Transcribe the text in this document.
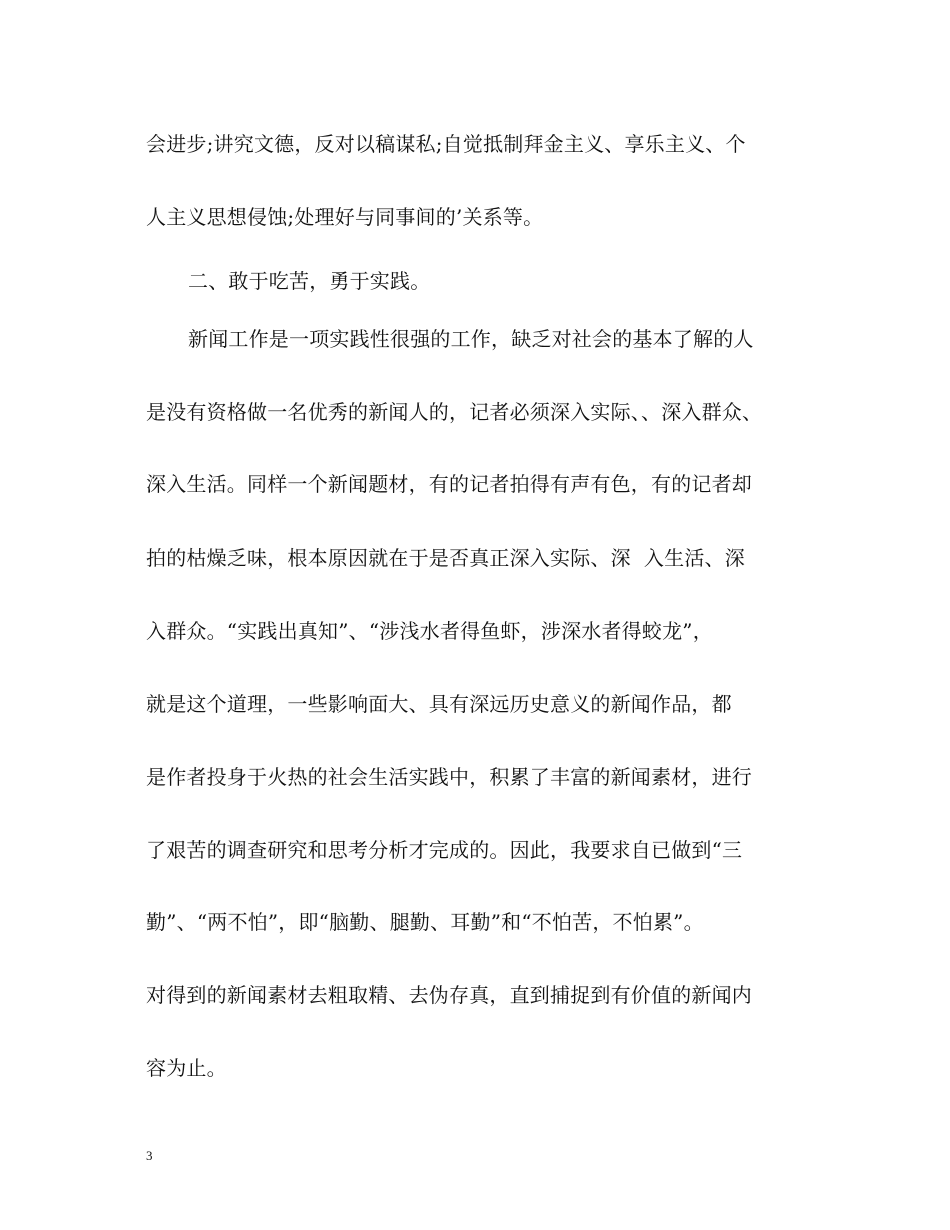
会进步;讲究文德，反对以稿谋私;自觉抵制拜金主义、享乐主义、个
人主义思想侵蚀;处理好与同事间的’关系等。
二、敢于吃苦，勇于实践。
新闻工作是一项实践性很强的工作，缺乏对社会的基本了解的人
是没有资格做一名优秀的新闻人的，记者必须深入实际、、深入群众、
深入生活。同样一个新闻题材，有的记者拍得有声有色，有的记者却
拍的枯燥乏味，根本原因就在于是否真正深入实际、深  入生活、深
入群众。“实践出真知”、“涉浅水者得鱼虾，涉深水者得蛟龙”，
就是这个道理，一些影响面大、具有深远历史意义的新闻作品，都
是作者投身于火热的社会生活实践中，积累了丰富的新闻素材，进行
了艰苦的调查研究和思考分析才完成的。因此，我要求自已做到“三
勤”、“两不怕”，即“脑勤、腿勤、耳勤”和“不怕苦，不怕累”。
对得到的新闻素材去粗取精、去伪存真，直到捕捉到有价值的新闻内
容为止。
3
